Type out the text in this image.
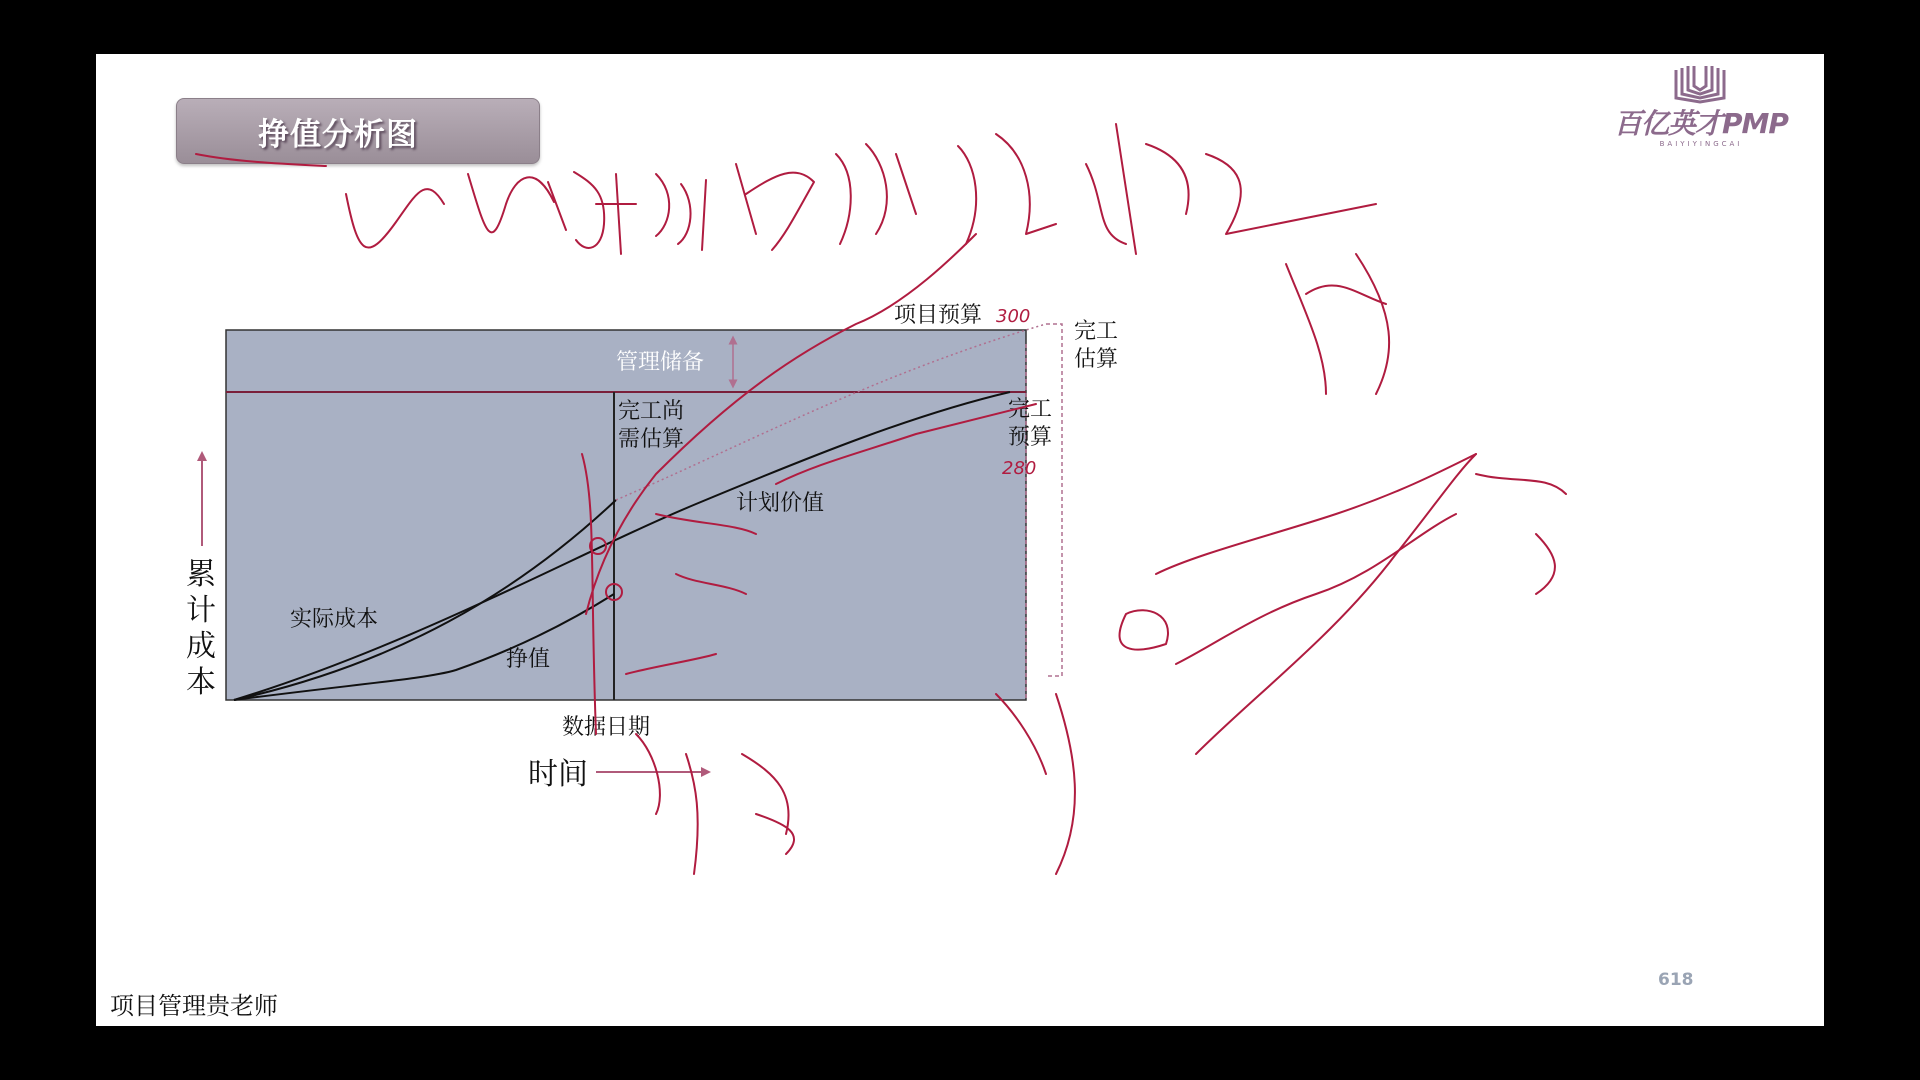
挣值分析图	百亿英才PMP
BAIYIYINGCAI
管理储备
项目预算
完工
估算
完工
预算
完工尚
需估算
计划价值
实际成本
挣值
数据日期
累
计
成
本
时间
300
280
618
项目管理贵老师
